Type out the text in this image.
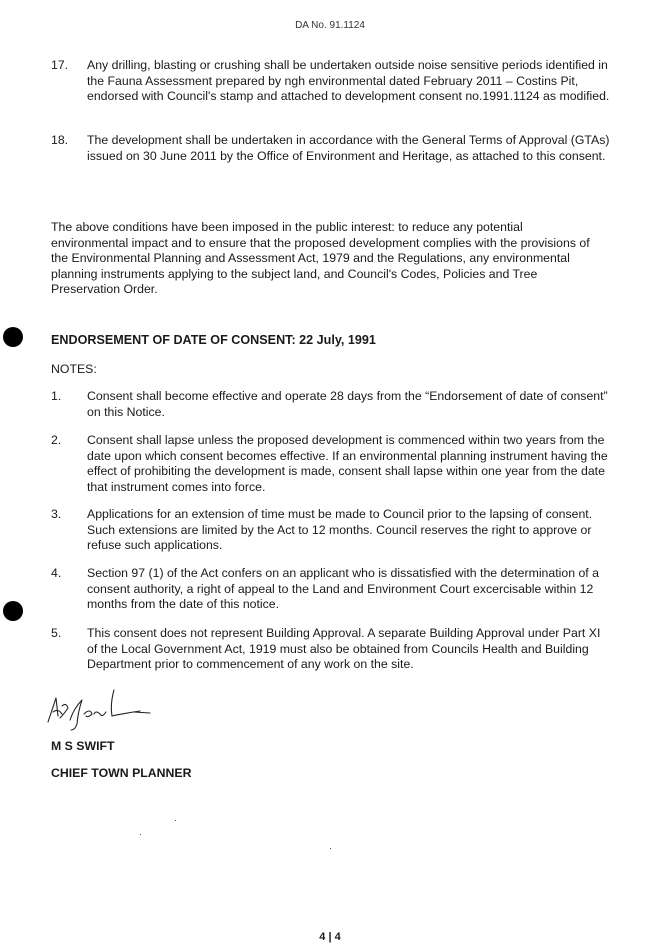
DA No. 91.1124
17. Any drilling, blasting or crushing shall be undertaken outside noise sensitive periods identified in the Fauna Assessment prepared by ngh environmental dated February 2011 – Costins Pit, endorsed with Council's stamp and attached to development consent no.1991.1124 as modified.
18. The development shall be undertaken in accordance with the General Terms of Approval (GTAs) issued on 30 June 2011 by the Office of Environment and Heritage, as attached to this consent.
The above conditions have been imposed in the public interest: to reduce any potential environmental impact and to ensure that the proposed development complies with the provisions of the Environmental Planning and Assessment Act, 1979 and the Regulations, any environmental planning instruments applying to the subject land, and Council's Codes, Policies and Tree Preservation Order.
ENDORSEMENT OF DATE OF CONSENT: 22 July, 1991
NOTES:
1. Consent shall become effective and operate 28 days from the “Endorsement of date of consent” on this Notice.
2. Consent shall lapse unless the proposed development is commenced within two years from the date upon which consent becomes effective. If an environmental planning instrument having the effect of prohibiting the development is made, consent shall lapse within one year from the date that instrument comes into force.
3. Applications for an extension of time must be made to Council prior to the lapsing of consent. Such extensions are limited by the Act to 12 months. Council reserves the right to approve or refuse such applications.
4. Section 97 (1) of the Act confers on an applicant who is dissatisfied with the determination of a consent authority, a right of appeal to the Land and Environment Court excercisable within 12 months from the date of this notice.
5. This consent does not represent Building Approval. A separate Building Approval under Part XI of the Local Government Act, 1919 must also be obtained from Councils Health and Building Department prior to commencement of any work on the site.
M S SWIFT
CHIEF TOWN PLANNER
4 | 4
